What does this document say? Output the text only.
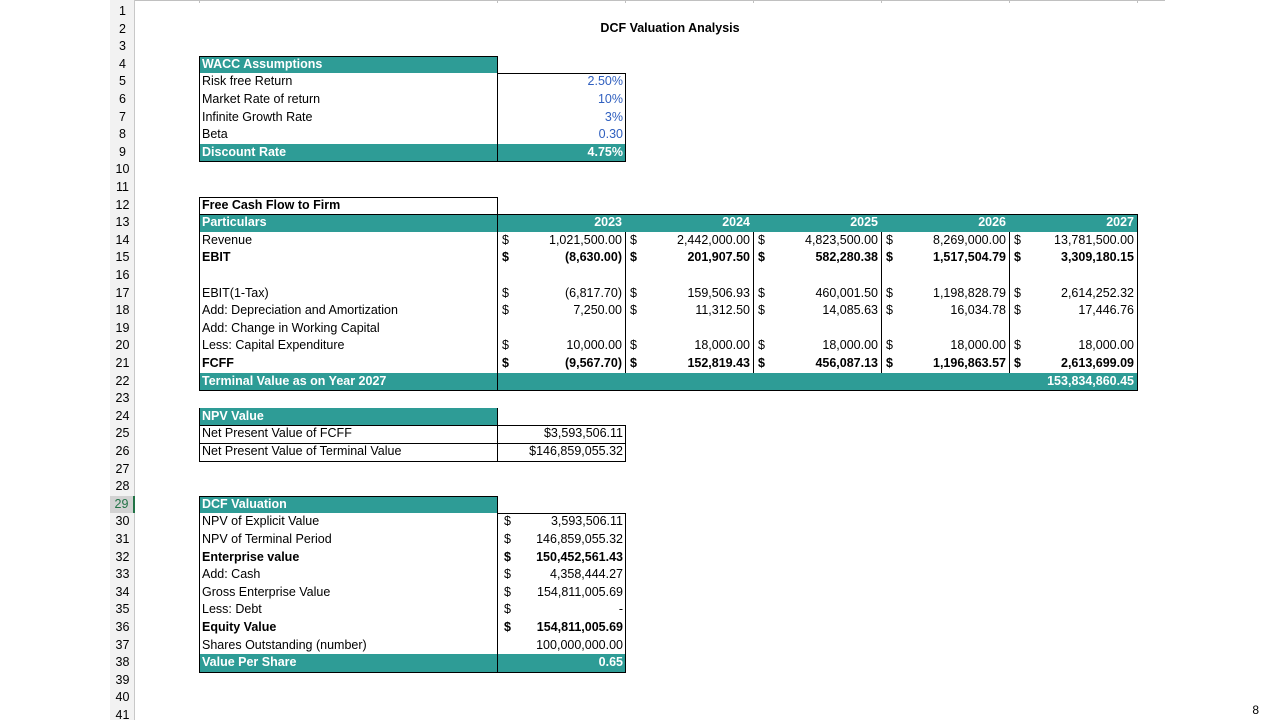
1
2
3
4
5
6
7
8
9
10
11
12
13
14
15
16
17
18
19
20
21
22
23
24
25
26
27
28
29
30
31
32
33
34
35
36
37
38
39
40
41
DCF Valuation Analysis
8
WACC Assumptions
Risk free Return	2.50%
Market Rate of return	10%
Infinite Growth Rate	3%
Beta	0.30
Discount Rate	4.75%
Free Cash Flow to Firm
Particulars	2023	2024	2025	2026	2027
Revenue	$	1,021,500.00 $	2,442,000.00 $	4,823,500.00 $	8,269,000.00 $	13,781,500.00
EBIT	$	(8,630.00) $	201,907.50 $	582,280.38 $	1,517,504.79 $	3,309,180.15
EBIT(1-Tax)	$	(6,817.70) $	159,506.93 $	460,001.50 $	1,198,828.79 $	2,614,252.32
Add: Depreciation and Amortization	$	7,250.00 $	11,312.50 $	14,085.63 $	16,034.78 $	17,446.76
Add: Change in Working Capital
Less: Capital Expenditure	$	10,000.00 $	18,000.00 $	18,000.00 $	18,000.00 $	18,000.00
FCFF	$	(9,567.70) $	152,819.43 $	456,087.13 $	1,196,863.57 $	2,613,699.09
Terminal Value as on Year 2027	153,834,860.45
NPV Value
Net Present Value of FCFF	$3,593,506.11
Net Present Value of Terminal Value	$146,859,055.32
DCF Valuation
NPV of Explicit Value	$	3,593,506.11
NPV of Terminal Period	$	146,859,055.32
Enterprise value	$	150,452,561.43
Add: Cash	$	4,358,444.27
Gross Enterprise Value	$	154,811,005.69
Less: Debt	$	-
Equity Value	$	154,811,005.69
Shares Outstanding (number)	100,000,000.00
Value Per Share	0.65
